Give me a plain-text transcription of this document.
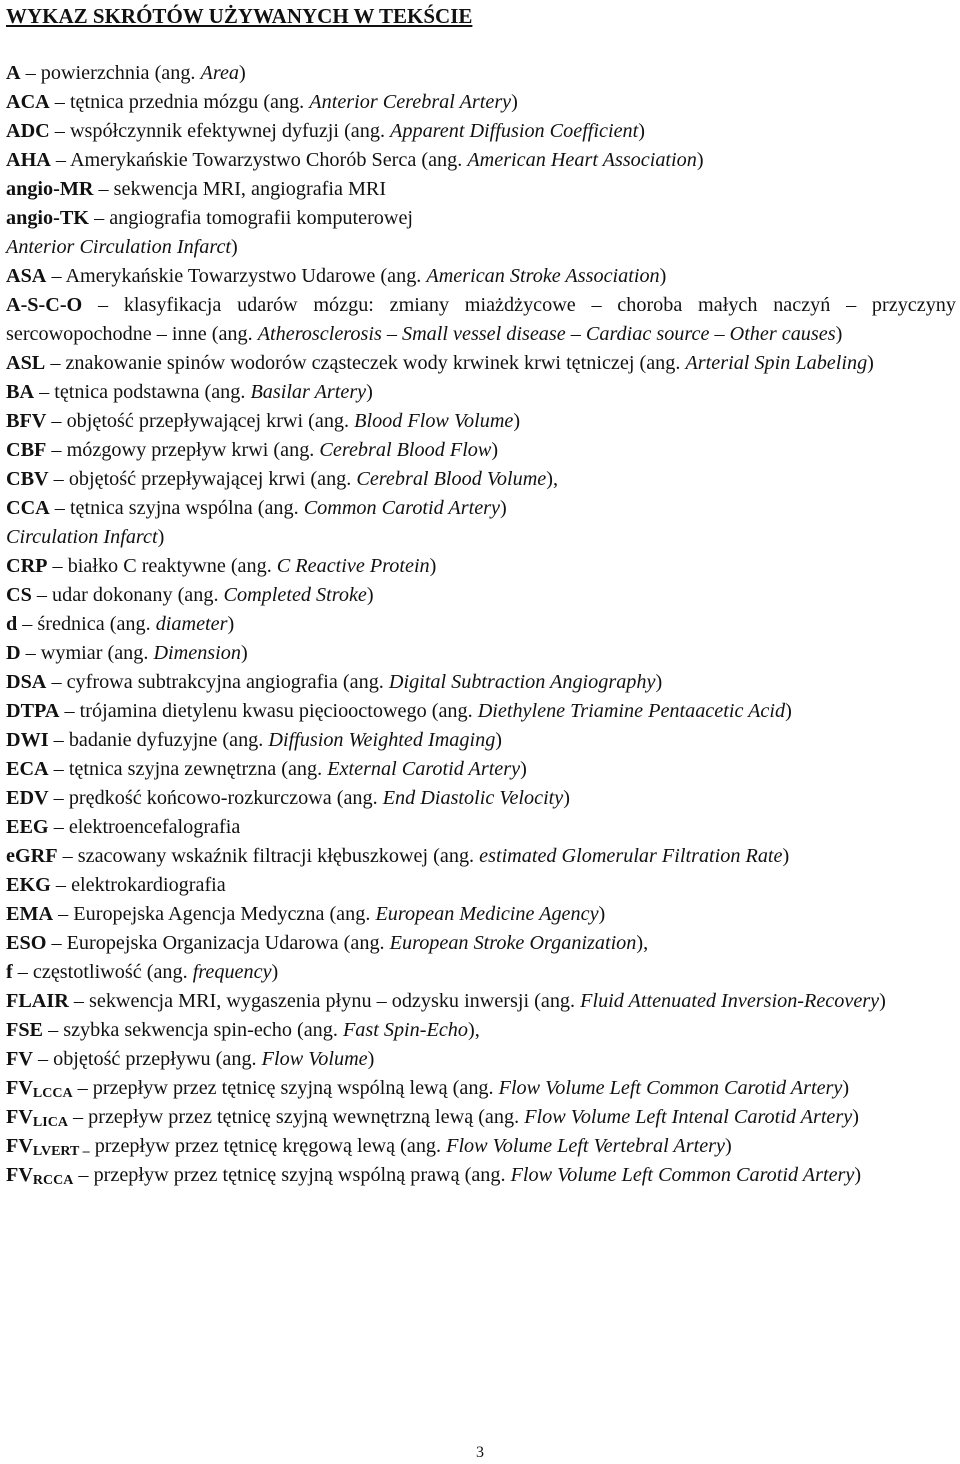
WYKAZ SKRÓTÓW UŻYWANYCH W TEKŚCIE
A – powierzchnia (ang. Area)
ACA – tętnica przednia mózgu (ang. Anterior Cerebral Artery)
ADC – współczynnik efektywnej dyfuzji (ang. Apparent Diffusion Coefficient)
AHA – Amerykańskie Towarzystwo Chorób Serca (ang. American Heart Association)
angio-MR – sekwencja MRI, angiografia MRI
angio-TK – angiografia tomografii komputerowej
Anterior Circulation Infarct)
ASA – Amerykańskie Towarzystwo Udarowe (ang. American Stroke Association)
A-S-C-O – klasyfikacja udarów mózgu: zmiany miażdżycowe – choroba małych naczyń – przyczyny sercowopochodne – inne (ang. Atherosclerosis – Small vessel disease – Cardiac source – Other causes)
ASL – znakowanie spinów wodorów cząsteczek wody krwinek krwi tętniczej (ang. Arterial Spin Labeling)
BA – tętnica podstawna (ang. Basilar Artery)
BFV – objętość przepływającej krwi (ang. Blood Flow Volume)
CBF – mózgowy przepływ krwi (ang. Cerebral Blood Flow)
CBV – objętość przepływającej krwi (ang. Cerebral Blood Volume),
CCA – tętnica szyjna wspólna (ang. Common Carotid Artery)
Circulation Infarct)
CRP – białko C reaktywne (ang. C Reactive Protein)
CS – udar dokonany (ang. Completed Stroke)
d – średnica (ang. diameter)
D – wymiar (ang. Dimension)
DSA – cyfrowa subtrakcyjna angiografia (ang. Digital Subtraction Angiography)
DTPA – trójamina dietylenu kwasu pięciooctowego (ang. Diethylene Triamine Pentaacetic Acid)
DWI – badanie dyfuzyjne (ang. Diffusion Weighted Imaging)
ECA – tętnica szyjna zewnętrzna (ang. External Carotid Artery)
EDV – prędkość końcowo-rozkurczowa (ang. End Diastolic Velocity)
EEG – elektroencefalografia
eGRF – szacowany wskaźnik filtracji kłębuszkowej (ang. estimated Glomerular Filtration Rate)
EKG – elektrokardiografia
EMA – Europejska Agencja Medyczna (ang. European Medicine Agency)
ESO – Europejska Organizacja Udarowa (ang. European Stroke Organization),
f – częstotliwość (ang. frequency)
FLAIR – sekwencja MRI, wygaszenia płynu – odzysku inwersji (ang. Fluid Attenuated Inversion-Recovery)
FSE – szybka sekwencja spin-echo (ang. Fast Spin-Echo),
FV – objętość przepływu (ang. Flow Volume)
$FV_{LCCA}$ – przepływ przez tętnicę szyjną wspólną lewą (ang. Flow Volume Left Common Carotid Artery)
$FV_{LICA}$ – przepływ przez tętnicę szyjną wewnętrzną lewą (ang. Flow Volume Left Intenal Carotid Artery)
$FV_{LVERT -}$ przepływ przez tętnicę kręgową lewą (ang. Flow Volume Left Vertebral Artery)
$FV_{RCCA}$ – przepływ przez tętnicę szyjną wspólną prawą (ang. Flow Volume Left Common Carotid Artery)
3
